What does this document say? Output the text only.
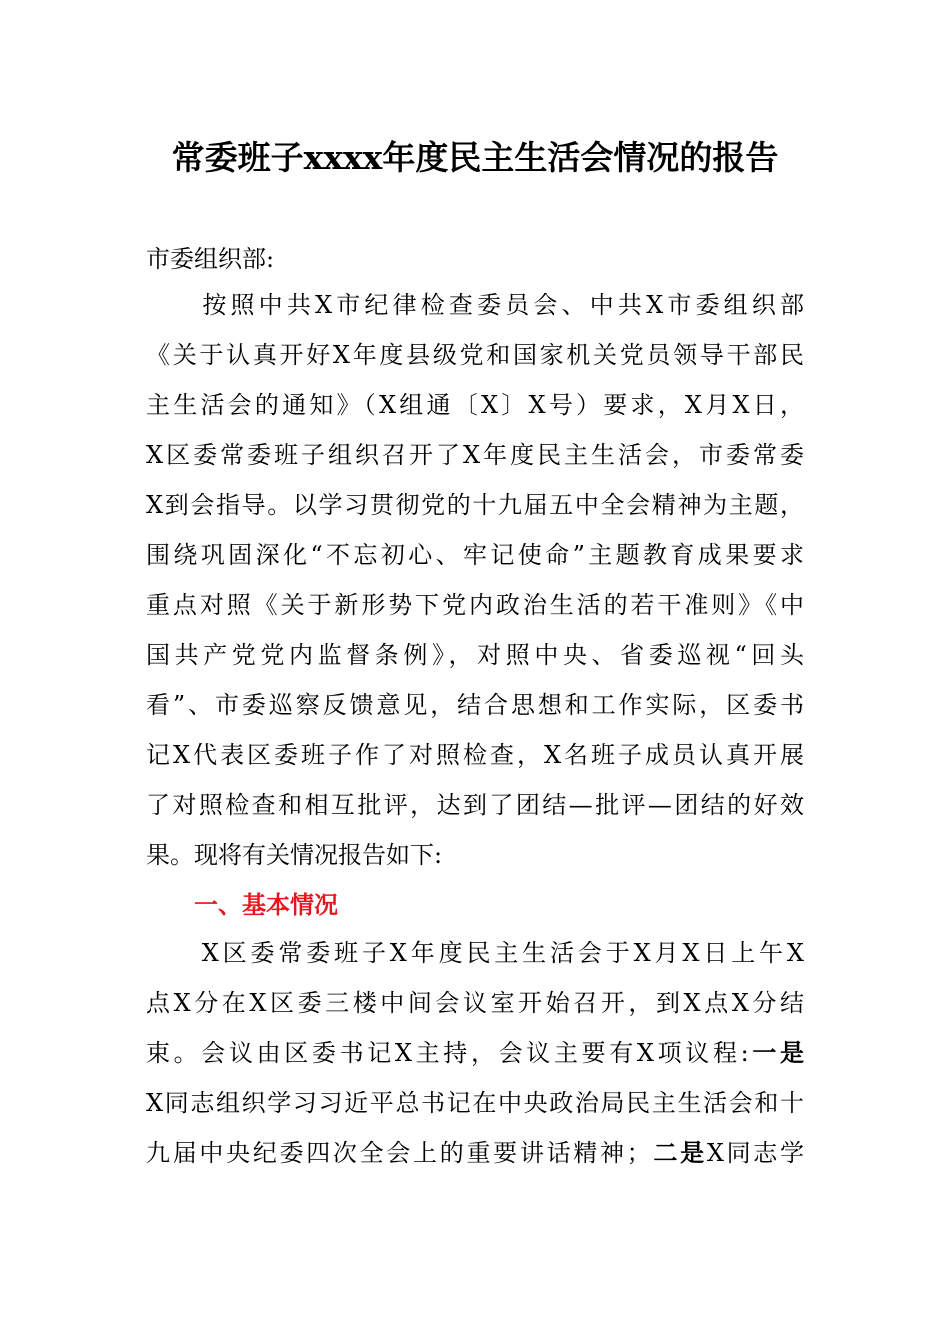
常委班子xxxx年度民主生活会情况的报告

市委组织部:

　　按照中共X市纪律检查委员会、中共X市委组织部
《关于认真开好X年度县级党和国家机关党员领导干部民
主生活会的通知》（X组通〔X〕X号）要求，X月X日，
X区委常委班子组织召开了X年度民主生活会，市委常委
X到会指导。以学习贯彻党的十九届五中全会精神为主题，
围绕巩固深化“不忘初心、牢记使命”主题教育成果要求
重点对照《关于新形势下党内政治生活的若干准则》《中
国共产党党内监督条例》，对照中央、省委巡视“回头
看”、市委巡察反馈意见，结合思想和工作实际，区委书
记X代表区委班子作了对照检查，X名班子成员认真开展
了对照检查和相互批评，达到了团结—批评—团结的好效
果。现将有关情况报告如下:
一、基本情况
　　X区委常委班子X年度民主生活会于X月X日上午X
点X分在X区委三楼中间会议室开始召开，到X点X分结
束。会议由区委书记X主持，会议主要有X项议程:一是
X同志组织学习习近平总书记在中央政治局民主生活会和十
九届中央纪委四次全会上的重要讲话精神；二是X同志学
